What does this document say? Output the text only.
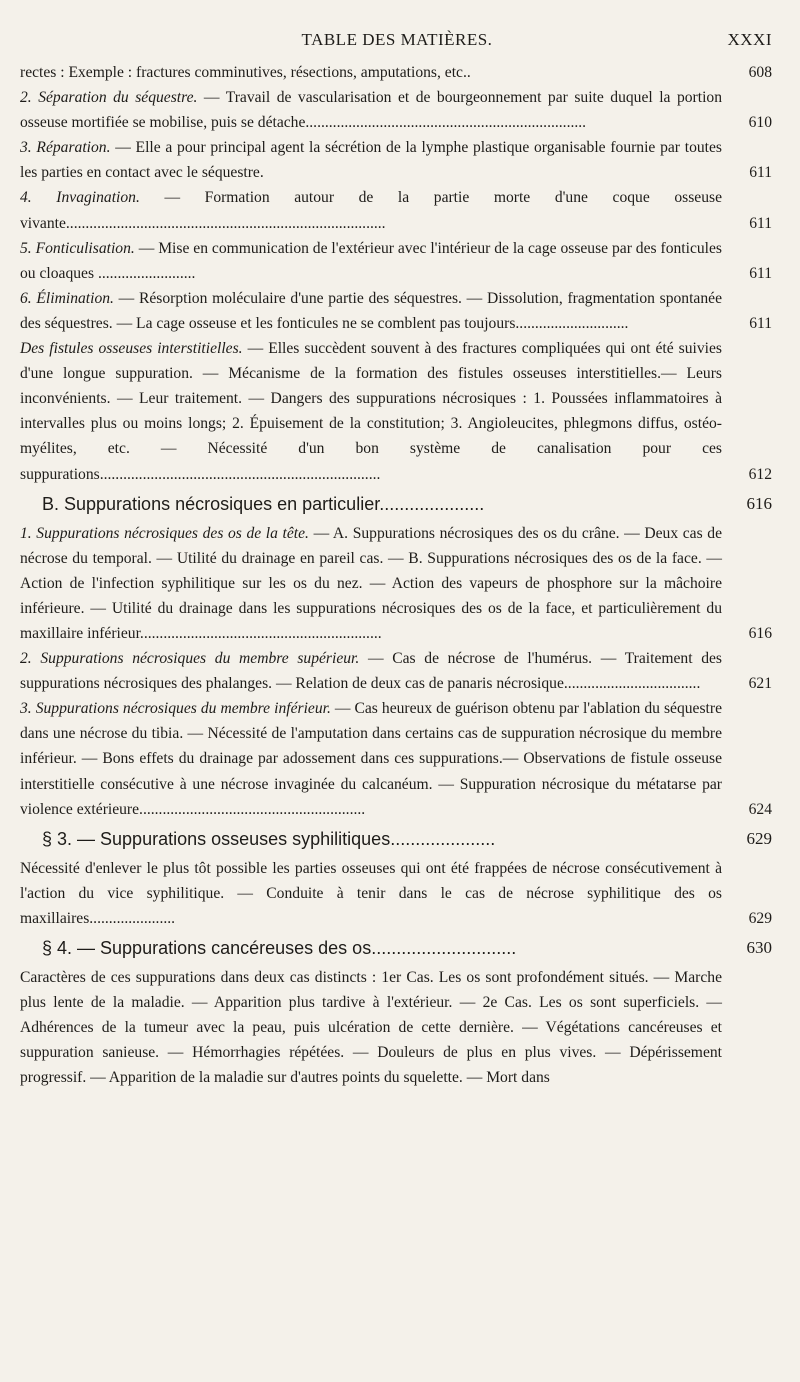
TABLE DES MATIÈRES.	XXXI
rectes : Exemple : fractures comminutives, résections, amputations, etc..	608
2. Séparation du séquestre. — Travail de vascularisation et de bourgeonnement par suite duquel la portion osseuse mortifiée se mobilise, puis se détache........................................................................	610
3. Réparation. — Elle a pour principal agent la sécrétion de la lymphe plastique organisable fournie par toutes les parties en contact avec le séquestre.	611
4. Invagination. — Formation autour de la partie morte d'une coque osseuse vivante..................................................................................	611
5. Fonticulisation. — Mise en communication de l'extérieur avec l'intérieur de la cage osseuse par des fonticules ou cloaques .........................	611
6. Élimination. — Résorption moléculaire d'une partie des séquestres. — Dissolution, fragmentation spontanée des séquestres. — La cage osseuse et les fonticules ne se comblent pas toujours.............................	611
Des fistules osseuses interstitielles. — Elles succèdent souvent à des fractures compliquées qui ont été suivies d'une longue suppuration. — Mécanisme de la formation des fistules osseuses interstitielles.— Leurs inconvénients. — Leur traitement. — Dangers des suppurations nécrosiques : 1. Poussées inflammatoires à intervalles plus ou moins longs; 2. Épuisement de la constitution; 3. Angioleucites, phlegmons diffus, ostéo-myélites, etc. — Nécessité d'un bon système de canalisation pour ces suppurations........................................................................	612
B. Suppurations nécrosiques en particulier.....................	616
1. Suppurations nécrosiques des os de la tête. — A. Suppurations nécrosiques des os du crâne. — Deux cas de nécrose du temporal. — Utilité du drainage en pareil cas. — B. Suppurations nécrosiques des os de la face. — Action de l'infection syphilitique sur les os du nez. — Action des vapeurs de phosphore sur la mâchoire inférieure. — Utilité du drainage dans les suppurations nécrosiques des os de la face, et particulièrement du maxillaire inférieur..............................................................	616
2. Suppurations nécrosiques du membre supérieur. — Cas de nécrose de l'humérus. — Traitement des suppurations nécrosiques des phalanges. — Relation de deux cas de panaris nécrosique...................................	621
3. Suppurations nécrosiques du membre inférieur. — Cas heureux de guérison obtenu par l'ablation du séquestre dans une nécrose du tibia. — Nécessité de l'amputation dans certains cas de suppuration nécrosique du membre inférieur. — Bons effets du drainage par adossement dans ces suppurations.— Observations de fistule osseuse interstitielle consécutive à une nécrose invaginée du calcanéum. — Suppuration nécrosique du métatarse par violence extérieure..........................................................	624
§ 3. — Suppurations osseuses syphilitiques.....................	629
Nécessité d'enlever le plus tôt possible les parties osseuses qui ont été frappées de nécrose consécutivement à l'action du vice syphilitique. — Conduite à tenir dans le cas de nécrose syphilitique des os maxillaires......................	629
§ 4. — Suppurations cancéreuses des os.............................	630
Caractères de ces suppurations dans deux cas distincts : 1er Cas. Les os sont profondément situés. — Marche plus lente de la maladie. — Apparition plus tardive à l'extérieur. — 2e Cas. Les os sont superficiels. — Adhérences de la tumeur avec la peau, puis ulcération de cette dernière. — Végétations cancéreuses et suppuration sanieuse. — Hémorrhagies répétées. — Douleurs de plus en plus vives. — Dépérissement progressif. — Apparition de la maladie sur d'autres points du squelette. — Mort dans
